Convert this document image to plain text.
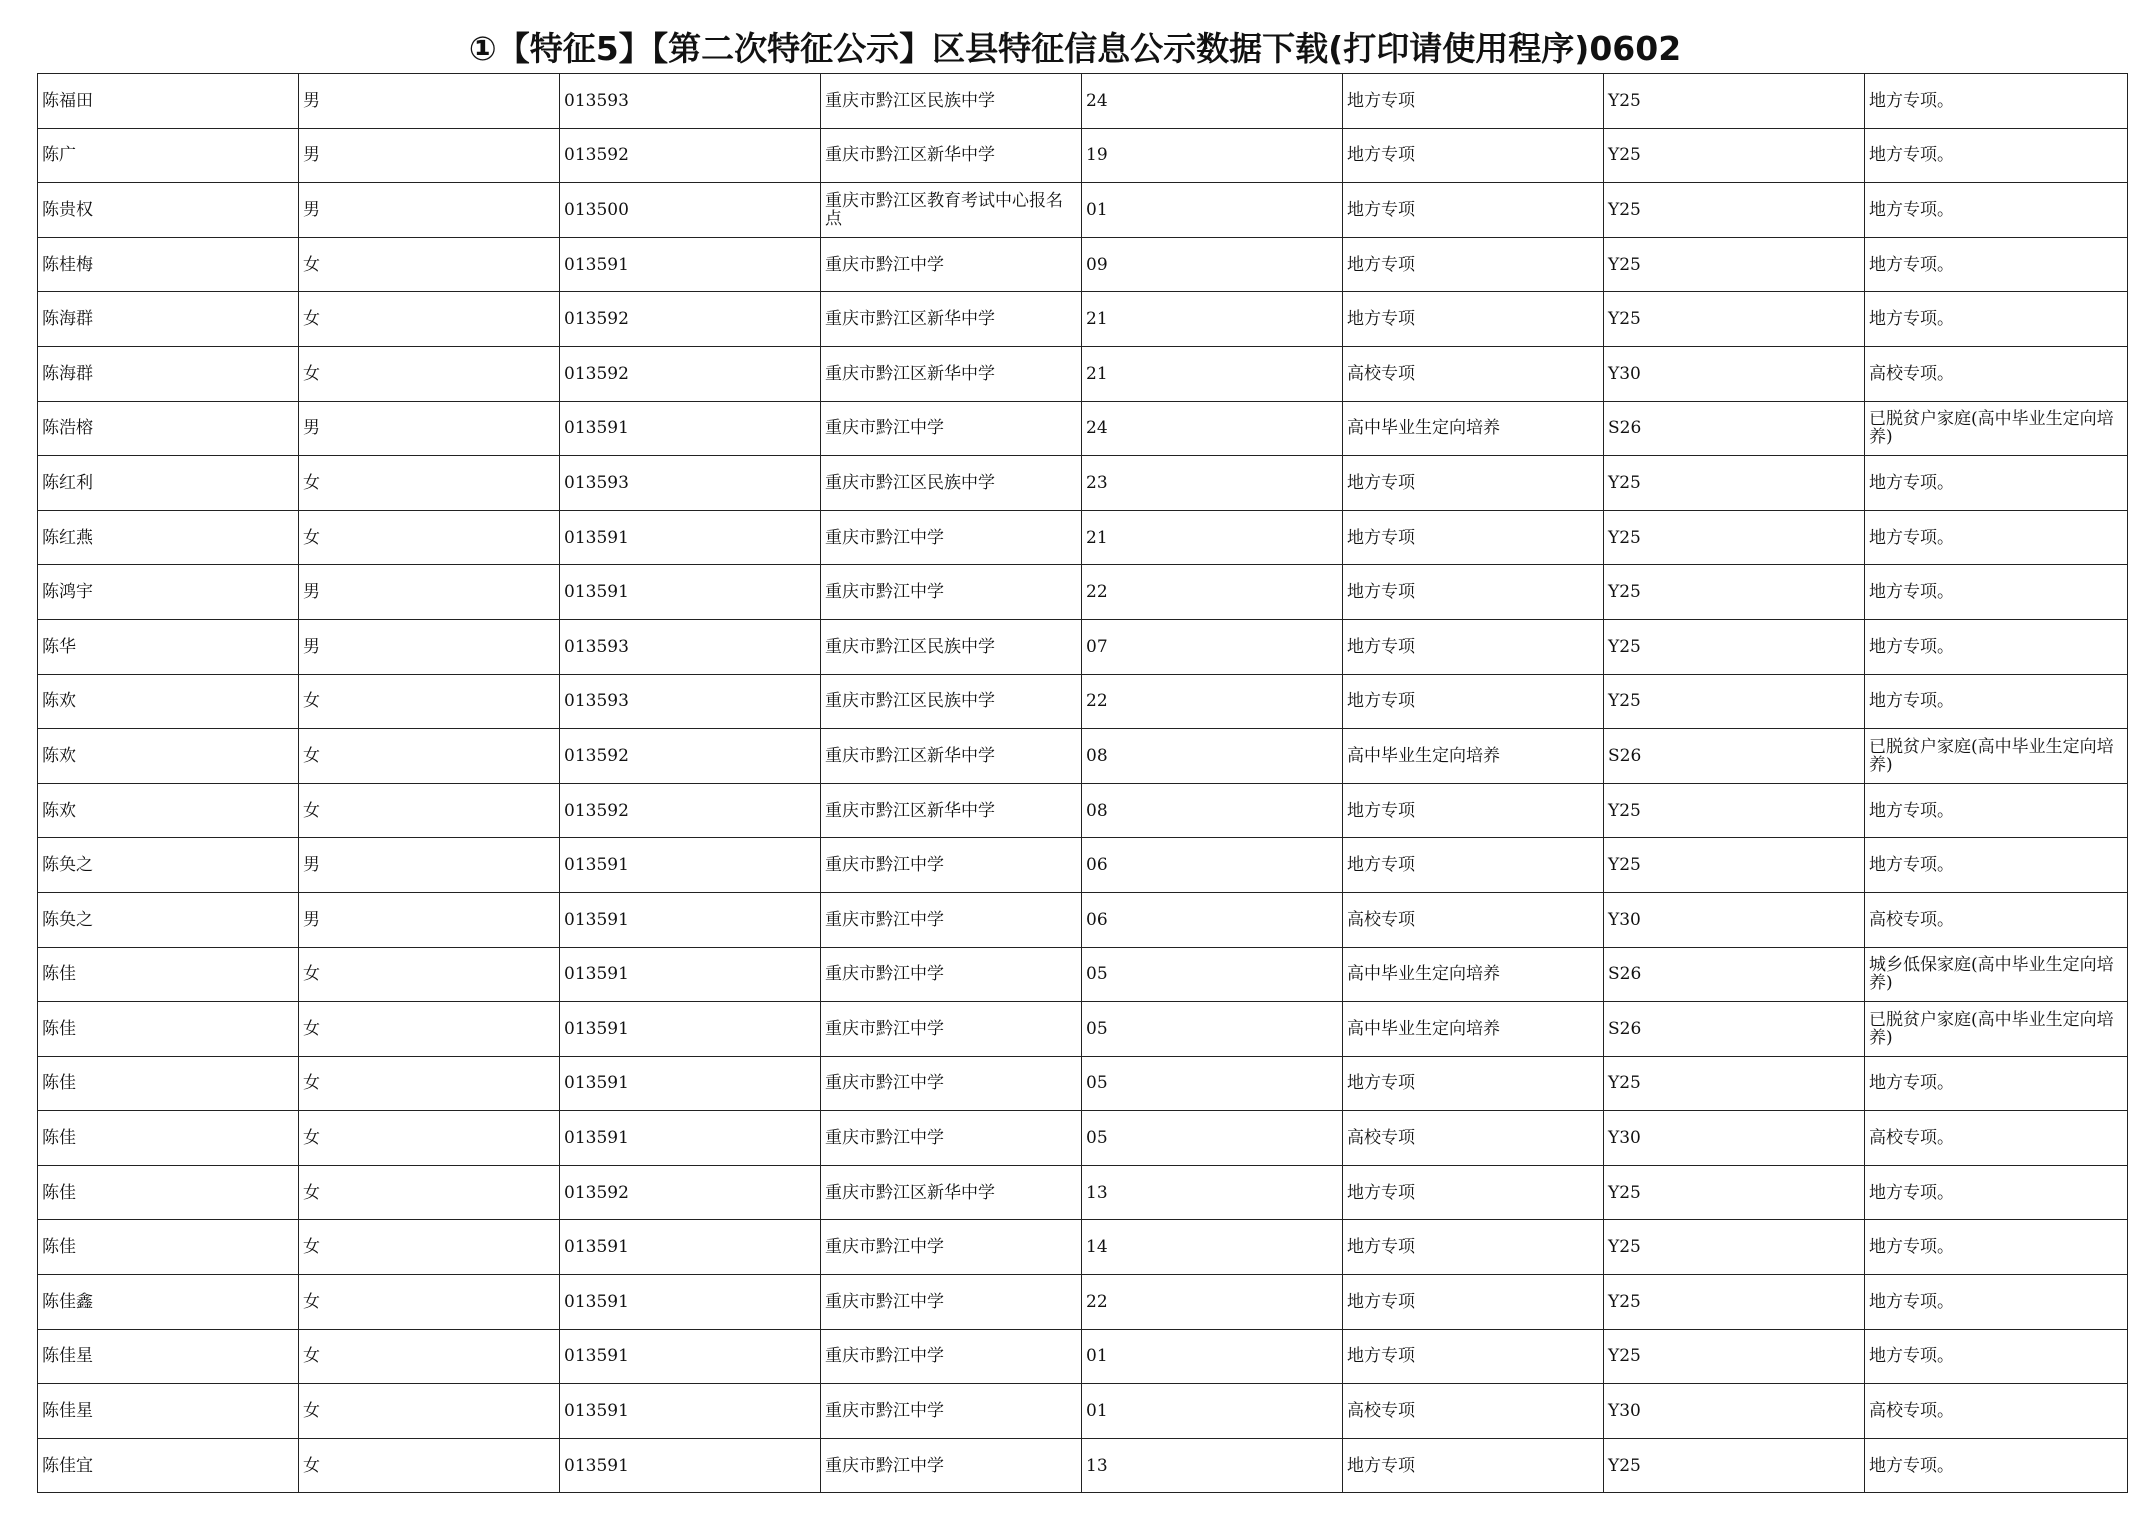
①【特征5】【第二次特征公示】区县特征信息公示数据下载(打印请使用程序)0602
陈福田	男	013593	重庆市黔江区民族中学	24	地方专项	Y25	地方专项。
陈广	男	013592	重庆市黔江区新华中学	19	地方专项	Y25	地方专项。
陈贵权	男	013500	重庆市黔江区教育考试中心报名点	01	地方专项	Y25	地方专项。
陈桂梅	女	013591	重庆市黔江中学	09	地方专项	Y25	地方专项。
陈海群	女	013592	重庆市黔江区新华中学	21	地方专项	Y25	地方专项。
陈海群	女	013592	重庆市黔江区新华中学	21	高校专项	Y30	高校专项。
陈浩榕	男	013591	重庆市黔江中学	24	高中毕业生定向培养	S26	已脱贫户家庭(高中毕业生定向培养)
陈红利	女	013593	重庆市黔江区民族中学	23	地方专项	Y25	地方专项。
陈红燕	女	013591	重庆市黔江中学	21	地方专项	Y25	地方专项。
陈鸿宇	男	013591	重庆市黔江中学	22	地方专项	Y25	地方专项。
陈华	男	013593	重庆市黔江区民族中学	07	地方专项	Y25	地方专项。
陈欢	女	013593	重庆市黔江区民族中学	22	地方专项	Y25	地方专项。
陈欢	女	013592	重庆市黔江区新华中学	08	高中毕业生定向培养	S26	已脱贫户家庭(高中毕业生定向培养)
陈欢	女	013592	重庆市黔江区新华中学	08	地方专项	Y25	地方专项。
陈奂之	男	013591	重庆市黔江中学	06	地方专项	Y25	地方专项。
陈奂之	男	013591	重庆市黔江中学	06	高校专项	Y30	高校专项。
陈佳	女	013591	重庆市黔江中学	05	高中毕业生定向培养	S26	城乡低保家庭(高中毕业生定向培养)
陈佳	女	013591	重庆市黔江中学	05	高中毕业生定向培养	S26	已脱贫户家庭(高中毕业生定向培养)
陈佳	女	013591	重庆市黔江中学	05	地方专项	Y25	地方专项。
陈佳	女	013591	重庆市黔江中学	05	高校专项	Y30	高校专项。
陈佳	女	013592	重庆市黔江区新华中学	13	地方专项	Y25	地方专项。
陈佳	女	013591	重庆市黔江中学	14	地方专项	Y25	地方专项。
陈佳鑫	女	013591	重庆市黔江中学	22	地方专项	Y25	地方专项。
陈佳星	女	013591	重庆市黔江中学	01	地方专项	Y25	地方专项。
陈佳星	女	013591	重庆市黔江中学	01	高校专项	Y30	高校专项。
陈佳宜	女	013591	重庆市黔江中学	13	地方专项	Y25	地方专项。
